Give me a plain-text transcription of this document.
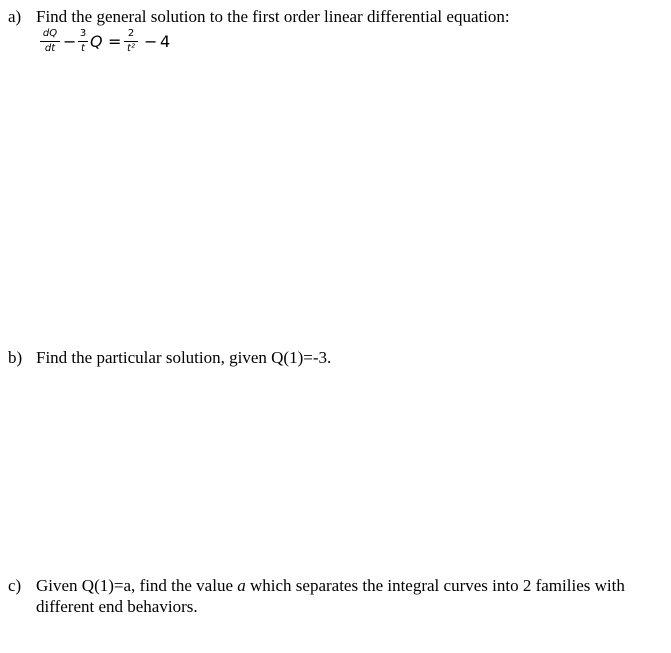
a) Find the general solution to the first order linear differential equation:
dQ
dt − 3
t Q = 2
t² − 4
b) Find the particular solution, given Q(1)=-3.
c) Given Q(1)=a, find the value a which separates the integral curves into 2 families with different end behaviors.
